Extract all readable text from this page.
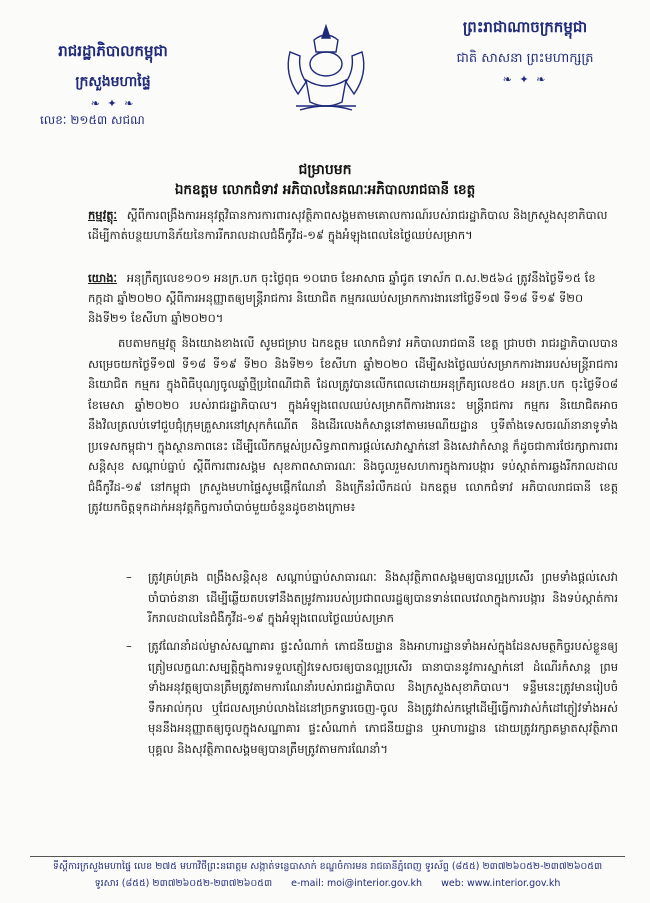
រាជរដ្ឋាភិបាលកម្ពុជា
ក្រសួងមហាផ្ទៃ
❧ ✦ ❧
លេខៈ ២១៥៣ សជណ
ព្រះរាជាណាចក្រកម្ពុជា
ជាតិ សាសនា ព្រះមហាក្សត្រ
❧ ✦ ❧
ជម្រាបមក
ឯកឧត្តម លោកជំទាវ អភិបាលនៃគណៈអភិបាលរាជធានី ខេត្ត
កម្មវត្ថុៈ ស្តីពីការពង្រឹងការអនុវត្តវិធានការការពារសុវត្ថិភាពសង្គមតាមគោលការណ៍របស់រាជរដ្ឋាភិបាល និងក្រសួងសុខាភិបាល ដើម្បីកាត់បន្ថយហានិភ័យនៃការរីករាលដាលជំងឺកូវីដ-១៩ ក្នុងអំឡុងពេលនៃថ្ងៃឈប់សម្រាក។
យោងៈ អនុក្រឹត្យលេខ១០១ អនក្រ.បក ចុះថ្ងៃពុធ ១០រោច ខែអាសាធ ឆ្នាំជូត ទោស័ក ព.ស.២៥៦៤ ត្រូវនឹងថ្ងៃទី១៥ ខែកក្កដា ឆ្នាំ២០២០ ស្តីពីការអនុញ្ញាតឲ្យមន្ត្រីរាជការ និយោជិត កម្មករឈប់សម្រាកការងារនៅថ្ងៃទី១៧ ទី១៨ ទី១៩ ទី២០ និងទី២១ ខែសីហា ឆ្នាំ២០២០។
តបតាមកម្មវត្ថុ និងយោងខាងលើ សូមជម្រាប ឯកឧត្តម លោកជំទាវ អភិបាលរាជធានី ខេត្ត ជ្រាបថា រាជរដ្ឋាភិបាលបានសម្រេចយកថ្ងៃទី១៧ ទី១៨ ទី១៩ ទី២០ និងទី២១ ខែសីហា ឆ្នាំ២០២០ ដើម្បីសងថ្ងៃឈប់សម្រាកការងាររបស់មន្ត្រីរាជការ និយោជិត កម្មករ ក្នុងពិធីបុណ្យចូលឆ្នាំថ្មីប្រពៃណីជាតិ ដែលត្រូវបានលើកពេលដោយអនុក្រឹត្យលេខ៥០ អនក្រ.បក ចុះថ្ងៃទី០៨ ខែមេសា ឆ្នាំ២០២០ របស់រាជរដ្ឋាភិបាល។ ក្នុងអំឡុងពេលឈប់សម្រាកពីការងារនេះ មន្ត្រីរាជការ កម្មករ និយោជិតអាចនឹងវិលត្រលប់ទៅជួបជុំក្រុមគ្រួសារនៅស្រុកកំណើត និងដើរលេងកំសាន្តនៅតាមរមណីយដ្ឋាន ឬទីតាំងទេសចរណ៍នានាទូទាំងប្រទេសកម្ពុជា។ ក្នុងស្ថានភាពនេះ ដើម្បីលើកកម្ពស់ប្រសិទ្ធភាពការផ្តល់សេវាស្នាក់នៅ និងសេវាកំសាន្ត ក៏ដូចជាការថែរក្សាការពារសន្តិសុខ សណ្តាប់ធ្នាប់ ស្តីពីការពារសង្គម សុខភាពសាធារណៈ និងចូលរួមសហការក្នុងការបង្ការ ទប់ស្កាត់ការឆ្លងរីករាលដាលជំងឺកូវីដ-១៩ នៅកម្ពុជា ក្រសួងមហាផ្ទៃសូមផ្តើកណែនាំ និងក្រើនរំលឹកដល់ ឯកឧត្តម លោកជំទាវ អភិបាលរាជធានី ខេត្ត ត្រូវយកចិត្តទុកដាក់អនុវត្តកិច្ចការចាំបាច់មួយចំនួនដូចខាងក្រោម៖
– ត្រូវគ្រប់គ្រង ពង្រឹងសន្តិសុខ សណ្តាប់ធ្នាប់សាធារណៈ និងសុវត្ថិភាពសង្គមឲ្យបានល្អប្រសើរ ព្រមទាំងផ្តល់សេវាចាំបាច់នានា ដើម្បីឆ្លើយតបទៅនឹងតម្រូវការរបស់ប្រជាពលរដ្ឋឲ្យបានទាន់ពេលវេលាក្នុងការបង្ការ និងទប់ស្កាត់ការរីករាលដាលនៃជំងឺកូវីដ-១៩ ក្នុងអំឡុងពេលថ្ងៃឈប់សម្រាក
– ត្រូវណែនាំដល់ម្ចាស់សណ្ឋាគារ ផ្ទះសំណាក់ ភោជនីយដ្ឋាន និងអាហារដ្ឋានទាំងអស់ក្នុងដែនសមត្ថកិច្ចរបស់ខ្លួនឲ្យត្រៀមលក្ខណៈសម្បត្តិក្នុងការទទួលភ្ញៀវទេសចរឲ្យបានល្អប្រសើរ ធានាបាននូវការស្នាក់នៅ ដំណើរកំសាន្ត ព្រមទាំងអនុវត្តឲ្យបានត្រឹមត្រូវតាមការណែនាំរបស់រាជរដ្ឋាភិបាល និងក្រសួងសុខាភិបាល។ ទន្ទឹមនេះត្រូវមានរៀបចំទឹកអាល់កុល ឬជែលសម្រាប់លាងដៃនៅច្រកទ្វារចេញ-ចូល និងត្រូវវាស់កម្តៅដើម្បីធ្វើការវាស់កំដៅភ្ញៀវទាំងអស់មុននឹងអនុញ្ញាតឲ្យចូលក្នុងសណ្ឋាគារ ផ្ទះសំណាក់ ភោជនីយដ្ឋាន ឬអាហារដ្ឋាន ដោយត្រូវរក្សាគម្លាតសុវត្ថិភាពបុគ្គល និងសុវត្ថិភាពសង្គមឲ្យបានត្រឹមត្រូវតាមការណែនាំ។
ទីស្តីការក្រសួងមហាផ្ទៃ លេខ ២៧៥ មហាវិថីព្រះនរោត្តម សង្កាត់ទន្លេបាសាក់ ខណ្ឌចំការមន រាជធានីភ្នំពេញ ទូរស័ព្ទ (៨៥៥) ២៣៧២៦០៥២-២៣៧២៦០៥៣
ទូរសារ (៨៥៥) ២៣៧២៦០៥២-២៣៧២៦០៥៣ e-mail: moi@interior.gov.kh web: www.interior.gov.kh
